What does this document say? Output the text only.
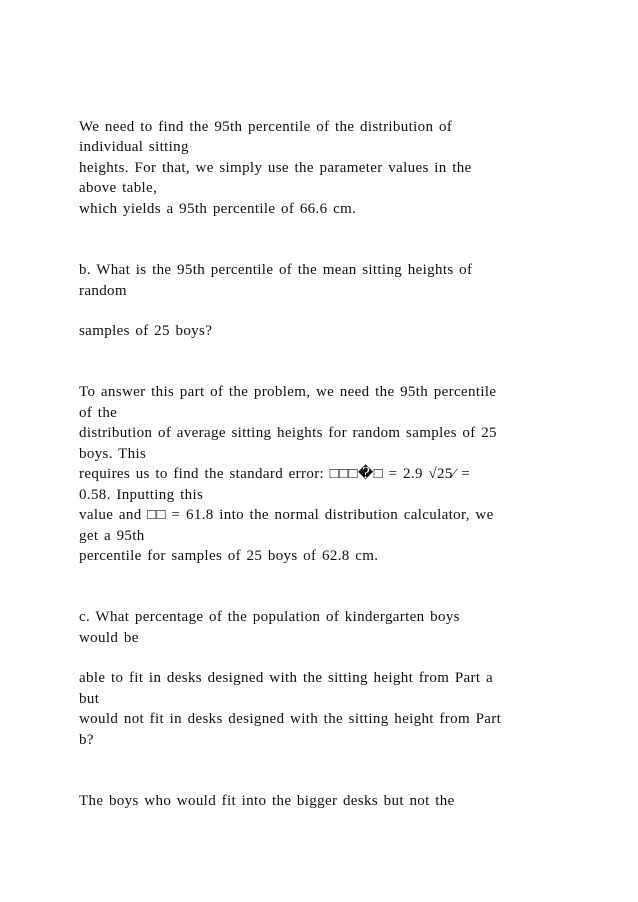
We need to find the 95th percentile of the distribution of
individual sitting
heights. For that, we simply use the parameter values in the
above table,
which yields a 95th percentile of 66.6 cm.
b. What is the 95th percentile of the mean sitting heights of
random
samples of 25 boys?
To answer this part of the problem, we need the 95th percentile
of the
distribution of average sitting heights for random samples of 25
boys. This
requires us to find the standard error: □□□�□ = 2.9 √25⁄ =
0.58. Inputting this
value and □□ = 61.8 into the normal distribution calculator, we
get a 95th
percentile for samples of 25 boys of 62.8 cm.
c. What percentage of the population of kindergarten boys
would be
able to fit in desks designed with the sitting height from Part a
but
would not fit in desks designed with the sitting height from Part
b?
The boys who would fit into the bigger desks but not the
